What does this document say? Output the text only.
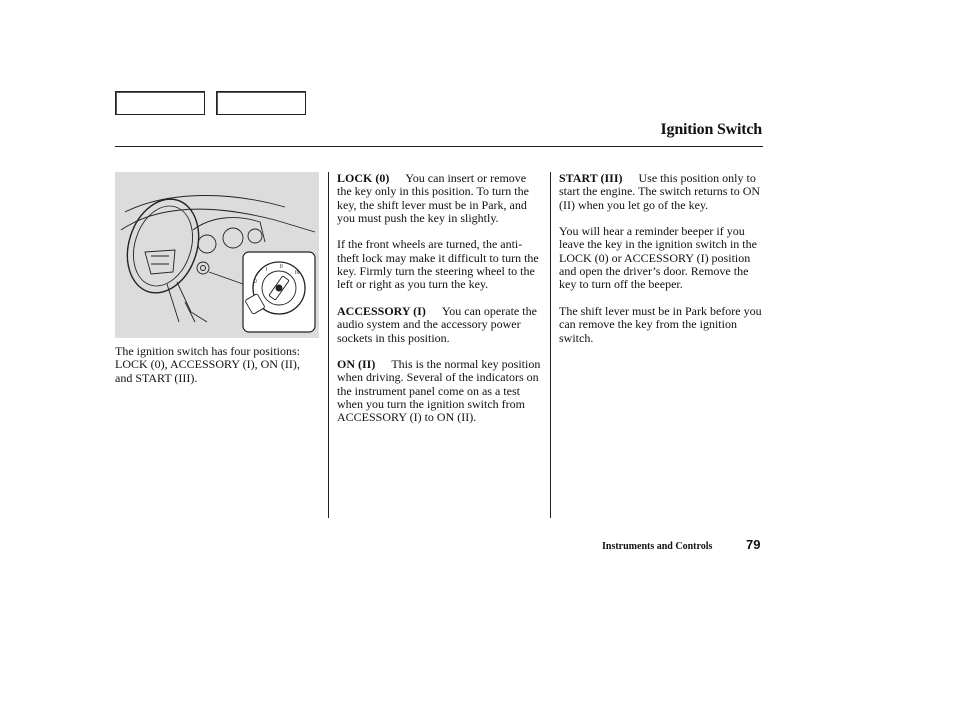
Ignition Switch
I	II
III
0

The ignition switch has four positions: LOCK (0), ACCESSORY (I), ON (II), and START (III).

LOCK (0) You can insert or remove the key only in this position. To turn the key, the shift lever must be in Park, and you must push the key in slightly.

If the front wheels are turned, the anti-theft lock may make it difficult to turn the key. Firmly turn the steering wheel to the left or right as you turn the key.

ACCESSORY (I) You can operate the audio system and the accessory power sockets in this position.

ON (II) This is the normal key position when driving. Several of the indicators on the instrument panel come on as a test when you turn the ignition switch from ACCESSORY (I) to ON (II).

START (III) Use this position only to start the engine. The switch returns to ON (II) when you let go of the key.

You will hear a reminder beeper if you leave the key in the ignition switch in the LOCK (0) or ACCESSORY (I) position and open the driver’s door. Remove the key to turn off the beeper.

The shift lever must be in Park before you can remove the key from the ignition switch.

Instruments and Controls	79
